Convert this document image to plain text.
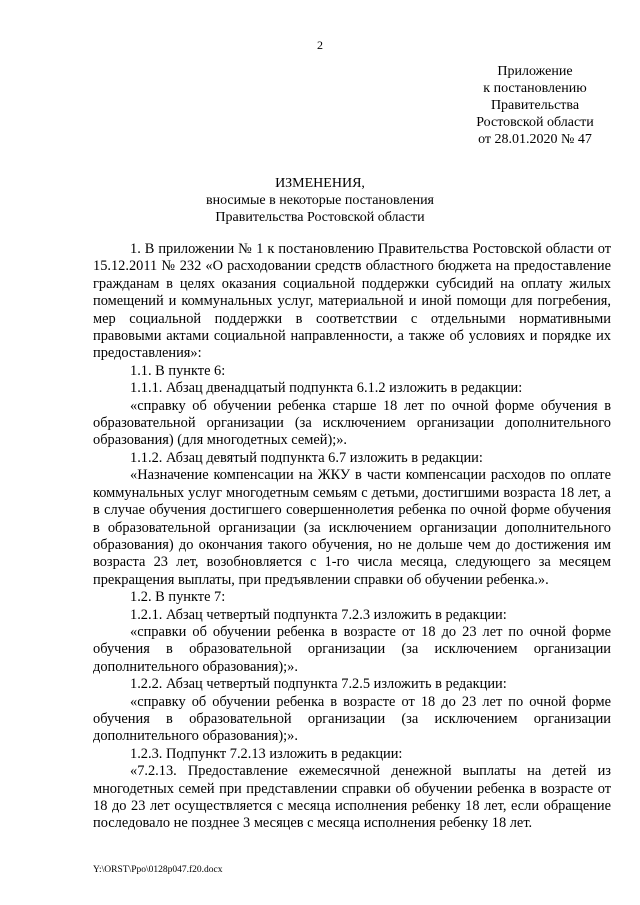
2
Приложение
к постановлению
Правительства
Ростовской области
от 28.01.2020 № 47
ИЗМЕНЕНИЯ,
вносимые в некоторые постановления
Правительства Ростовской области

1. В приложении № 1 к постановлению Правительства Ростовской области от 15.12.2011 № 232 «О расходовании средств областного бюджета на предоставление гражданам в целях оказания социальной поддержки субсидий на оплату жилых помещений и коммунальных услуг, материальной и иной помощи для погребения, мер социальной поддержки в соответствии с отдельными нормативными правовыми актами социальной направленности, а также об условиях и порядке их предоставления»:

1.1. В пункте 6:

1.1.1. Абзац двенадцатый подпункта 6.1.2 изложить в редакции:

«справку об обучении ребенка старше 18 лет по очной форме обучения в образовательной организации (за исключением организации дополнительного образования) (для многодетных семей);».

1.1.2. Абзац девятый подпункта 6.7 изложить в редакции:

«Назначение компенсации на ЖКУ в части компенсации расходов по оплате коммунальных услуг многодетным семьям с детьми, достигшими возраста 18 лет, а в случае обучения достигшего совершеннолетия ребенка по очной форме обучения в образовательной организации (за исключением организации дополнительного образования) до окончания такого обучения, но не дольше чем до достижения им возраста 23 лет, возобновляется с 1-го числа месяца, следующего за месяцем прекращения выплаты, при предъявлении справки об обучении ребенка.».

1.2. В пункте 7:

1.2.1. Абзац четвертый подпункта 7.2.3 изложить в редакции:

«справки об обучении ребенка в возрасте от 18 до 23 лет по очной форме обучения в образовательной организации (за исключением организации дополнительного образования);».

1.2.2. Абзац четвертый подпункта 7.2.5 изложить в редакции:

«справку об обучении ребенка в возрасте от 18 до 23 лет по очной форме обучения в образовательной организации (за исключением организации дополнительного образования);».

1.2.3. Подпункт 7.2.13 изложить в редакции:

«7.2.13. Предоставление ежемесячной денежной выплаты на детей из многодетных семей при представлении справки об обучении ребенка в возрасте от 18 до 23 лет осуществляется с месяца исполнения ребенку 18 лет, если обращение последовало не позднее 3 месяцев с месяца исполнения ребенку 18 лет.

Y:\ORST\Ppo\0128p047.f20.docx
